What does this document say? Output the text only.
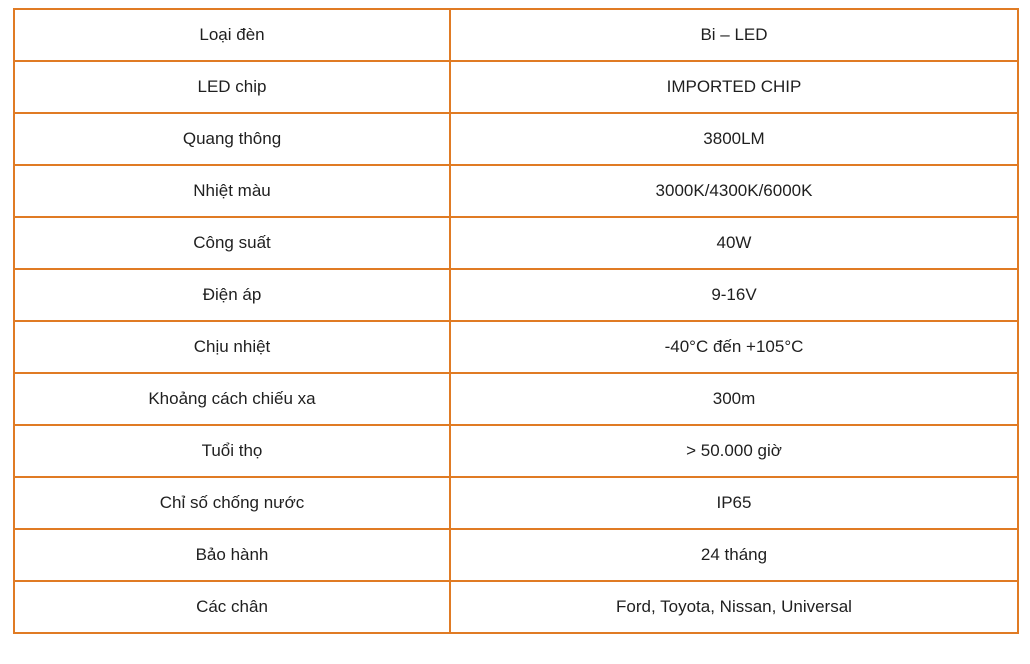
Loại đèn	Bi – LED
LED chip	IMPORTED CHIP
Quang thông	3800LM
Nhiệt màu	3000K/4300K/6000K
Công suất	40W
Điện áp	9-16V
Chịu nhiệt	-40°C đến +105°C
Khoảng cách chiếu xa	300m
Tuổi thọ	> 50.000 giờ
Chỉ số chống nước	IP65
Bảo hành	24 tháng
Các chân	Ford, Toyota, Nissan, Universal
